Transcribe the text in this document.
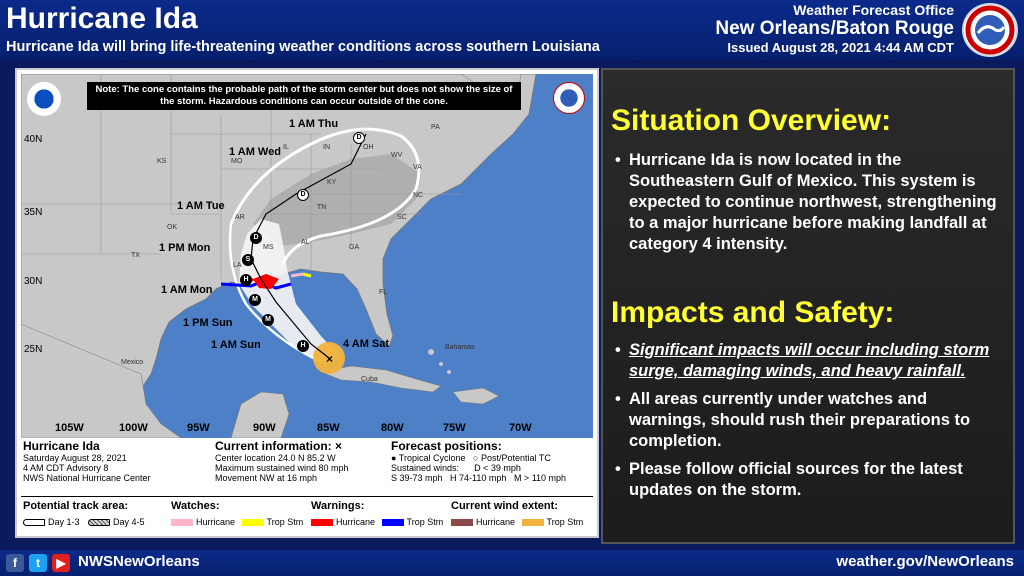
Hurricane Ida
Hurricane Ida will bring life-threatening weather conditions across southern Louisiana
Weather Forecast Office
New Orleans/Baton Rouge
Issued August 28, 2021 4:44 AM CDT
×
Note: The cone contains the probable path of the storm center but does not show the size of the storm. Hazardous conditions can occur outside of the cone.
1 AM Thu
1 AM Wed
1 AM Tue
1 PM Mon
1 AM Mon
1 PM Sun
1 AM Sun	4 AM Sat
D
D
D
S
H
M
M
H
40N
35N
30N
25N
105W	100W	95W	90W	85W	80W	75W	70W
KS
OK
TX
AR
MO
MS
LA
AL
GA
SC
NC
VA
WV
KY
TN
IL	IN	OH
PA
FL
Mexico
Cuba
Bahamas
Hurricane Ida
Saturday August 28, 2021
4 AM CDT Advisory 8
NWS National Hurricane Center
Current information: ×
Center location 24.0 N 85.2 W
Maximum sustained wind 80 mph
Movement NW at 16 mph
Forecast positions:
● Tropical Cyclone ○ Post/Potential TC
Sustained winds: D < 39 mph
S 39-73 mph H 74-110 mph M > 110 mph
Potential track area:
Day 1-3	Day 4-5
Watches:
Hurricane	Trop Stm
Warnings:
Hurricane	Trop Stm
Current wind extent:
Hurricane	Trop Stm
Situation Overview:
• Hurricane Ida is now located in the Southeastern Gulf of Mexico. This system is expected to continue northwest, strengthening to a major hurricane before making landfall at category 4 intensity.
Impacts and Safety:
• Significant impacts will occur including storm surge, damaging winds, and heavy rainfall.
• All areas currently under watches and warnings, should rush their preparations to completion.
• Please follow official sources for the latest updates on the storm.
f	t	▶ NWSNewOrleans	weather.gov/NewOrleans
